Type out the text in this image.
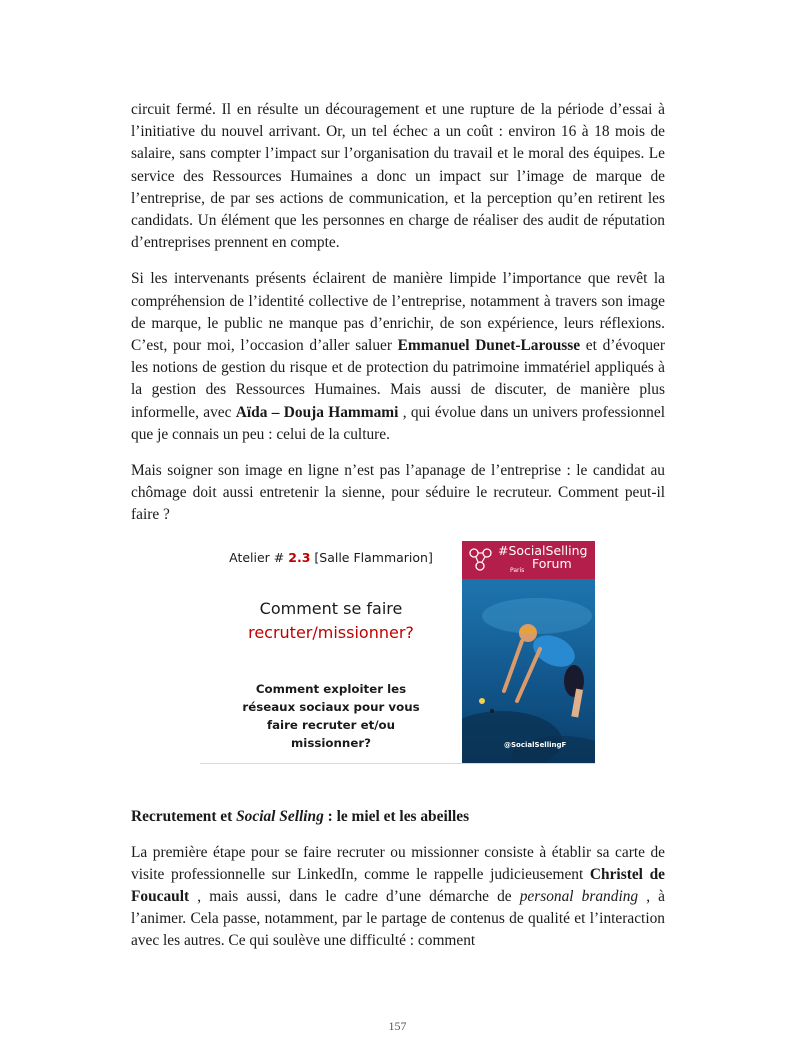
circuit fermé. Il en résulte un découragement et une rupture de la période d’essai à l’initiative du nouvel arrivant. Or, un tel échec a un coût : environ 16 à 18 mois de salaire, sans compter l’impact sur l’organisation du travail et le moral des équipes. Le service des Ressources Humaines a donc un impact sur l’image de marque de l’entreprise, de par ses actions de communication, et la perception qu’en retirent les candidats. Un élément que les personnes en charge de réaliser des audit de réputation d’entreprises prennent en compte.

Si les intervenants présents éclairent de manière limpide l’importance que revêt la compréhension de l’identité collective de l’entreprise, notamment à travers son image de marque, le public ne manque pas d’enrichir, de son expérience, leurs réflexions. C’est, pour moi, l’occasion d’aller saluer Emmanuel Dunet-Larousse et d’évoquer les notions de gestion du risque et de protection du patrimoine immatériel appliqués à la gestion des Ressources Humaines. Mais aussi de discuter, de manière plus informelle, avec Aïda – Douja Hammami , qui évolue dans un univers professionnel que je connais un peu : celui de la culture.

Mais soigner son image en ligne n’est pas l’apanage de l’entreprise : le candidat au chômage doit aussi entretenir la sienne, pour séduire le recruteur. Comment peut-il faire ?

Atelier # 2.3 [Salle Flammarion]
Comment se faire
recruter/missionner?
Comment exploiter les réseaux sociaux pour vous faire recruter et/ou missionner?
#SocialSelling
Forum
Paris
@SocialSellingF
Recrutement et Social Selling : le miel et les abeilles

La première étape pour se faire recruter ou missionner consiste à établir sa carte de visite professionnelle sur LinkedIn, comme le rappelle judicieusement Christel de Foucault , mais aussi, dans le cadre d’une démarche de personal branding , à l’animer. Cela passe, notamment, par le partage de contenus de qualité et l’interaction avec les autres. Ce qui soulève une difficulté : comment

157
